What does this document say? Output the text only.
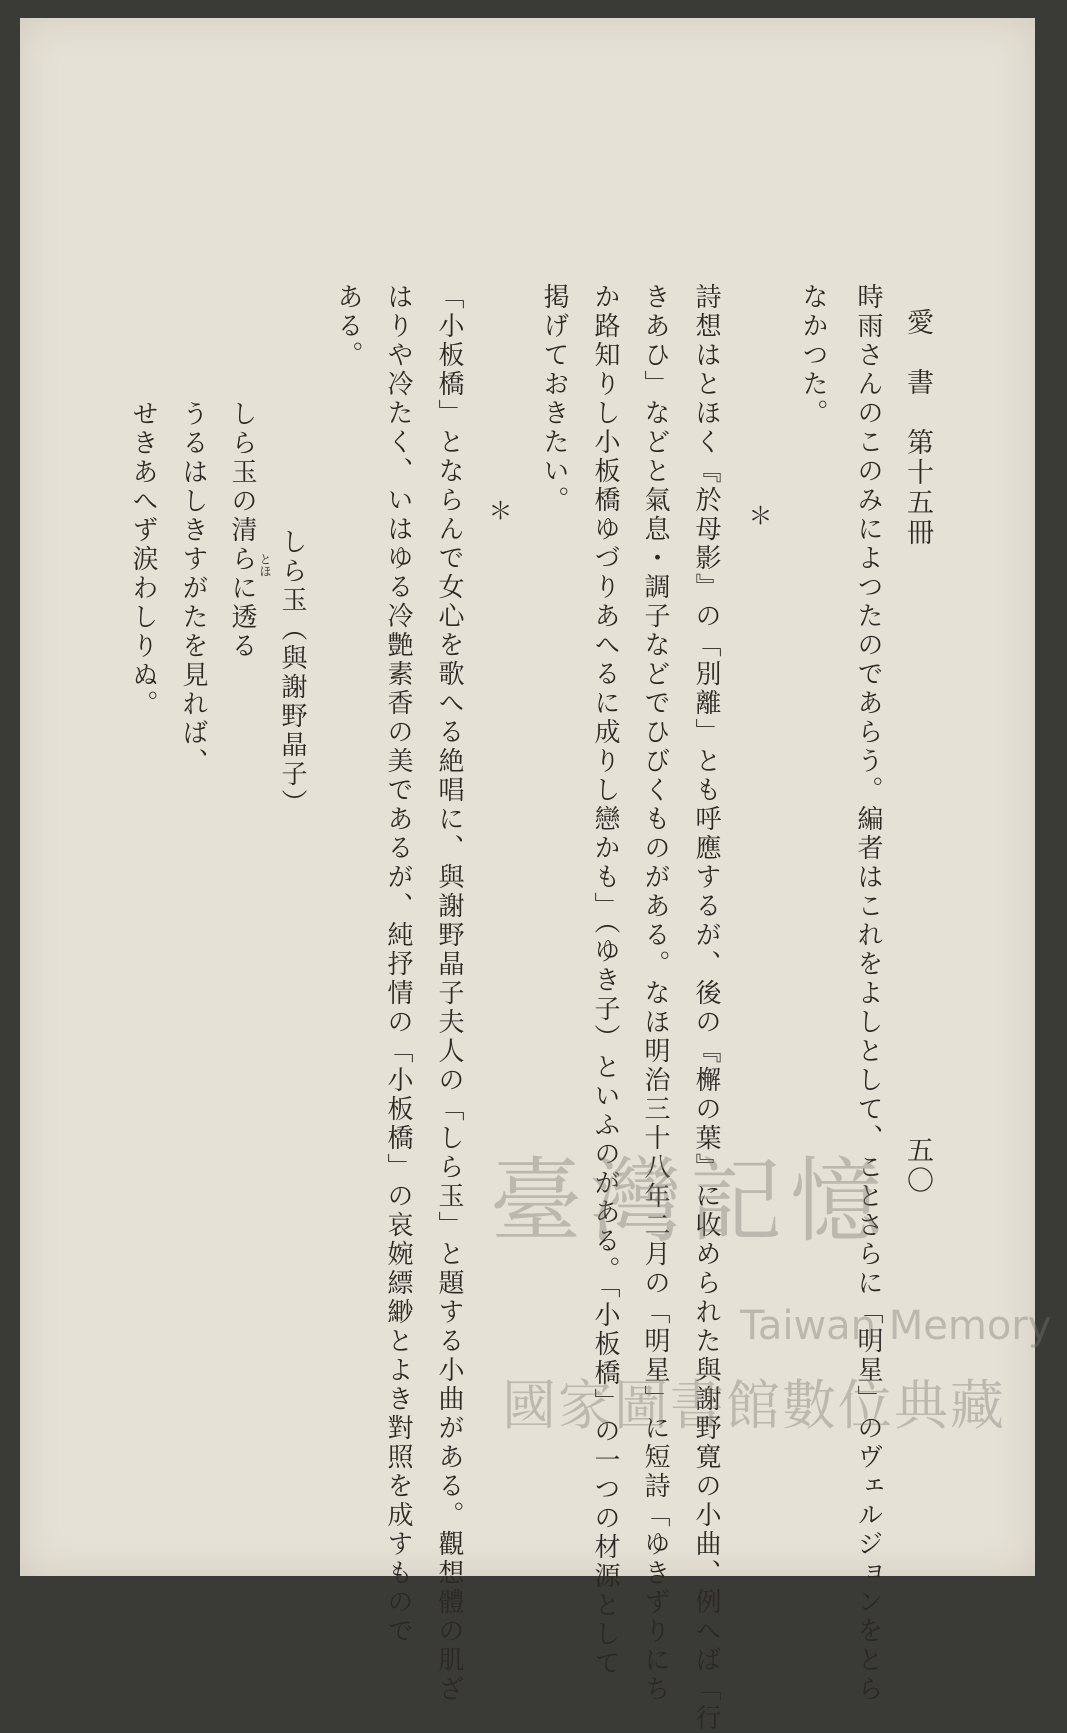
愛　書　第十五冊
五〇
時雨さんのこのみによつたのであらう。編者はこれをよしとして、ことさらに「明星」のヴェルジョンをとら
なかつた。
＊
詩想はとほく『於母影』の「別離」とも呼應するが、後の『檞の葉』に收められた與謝野寛の小曲、例へば「行
きあひ」などと氣息・調子などでひびくものがある。なほ明治三十八年二月の「明星」に短詩「ゆきずりにち
か路知りし小板橋ゆづりあへるに成りし戀かも」（ゆき子）といふのがある。「小板橋」の一つの材源として
掲げておきたい。
＊
「小板橋」とならんで女心を歌へる絶唱に、與謝野晶子夫人の「しら玉」と題する小曲がある。觀想體の肌ざ
はりや冷たく、いはゆる冷艶素香の美であるが、純抒情の「小板橋」の哀婉縹緲とよき對照を成すもので
ある。
しら玉（與謝野晶子）
しら玉の清らに透る とほ
うるはしきすがたを見れば、
せきあへず涙わしりぬ。
臺灣記憶
Taiwan Memory
國家圖書館數位典藏
